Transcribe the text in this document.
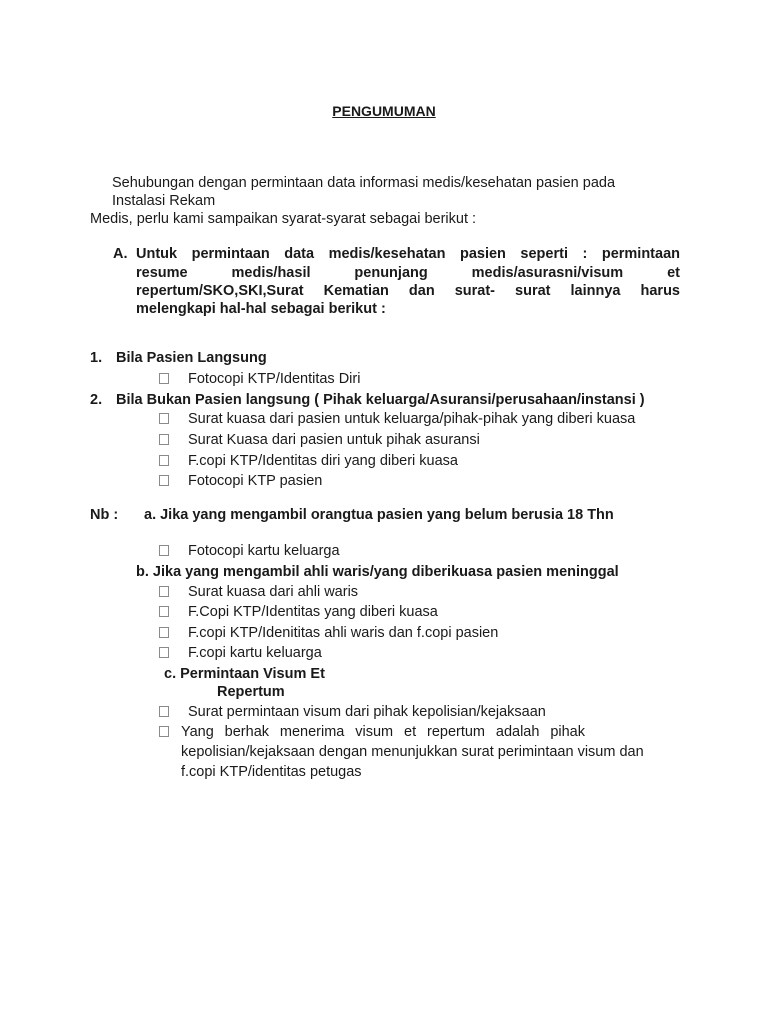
PENGUMUMAN
Sehubungan dengan permintaan data informasi medis/kesehatan pasien pada
Instalasi Rekam
Medis, perlu kami sampaikan syarat-syarat sebagai berikut :
A. Untuk permintaan data medis/kesehatan pasien seperti : permintaan
resume medis/hasil penunjang medis/asurasni/visum et
repertum/SKO,SKI,Surat Kematian dan surat- surat lainnya harus
melengkapi hal-hal sebagai berikut :
1. Bila Pasien Langsung
Fotocopi KTP/Identitas Diri
2. Bila Bukan Pasien langsung ( Pihak keluarga/Asuransi/perusahaan/instansi )
Surat kuasa dari pasien untuk keluarga/pihak-pihak yang diberi kuasa
Surat Kuasa dari pasien untuk pihak asuransi
F.copi KTP/Identitas diri yang diberi kuasa
Fotocopi KTP pasien
Nb : a. Jika yang mengambil orangtua pasien yang belum berusia 18 Thn
Fotocopi kartu keluarga
b. Jika yang mengambil ahli waris/yang diberikuasa pasien meninggal
Surat kuasa dari ahli waris
F.Copi KTP/Identitas yang diberi kuasa
F.copi KTP/Idenititas ahli waris dan f.copi pasien
F.copi kartu keluarga
c. Permintaan Visum Et
Repertum
Surat permintaan visum dari pihak kepolisian/kejaksaan
Yang berhak menerima visum et repertum adalah pihak
kepolisian/kejaksaan dengan menunjukkan surat perimintaan visum dan
f.copi KTP/identitas petugas
